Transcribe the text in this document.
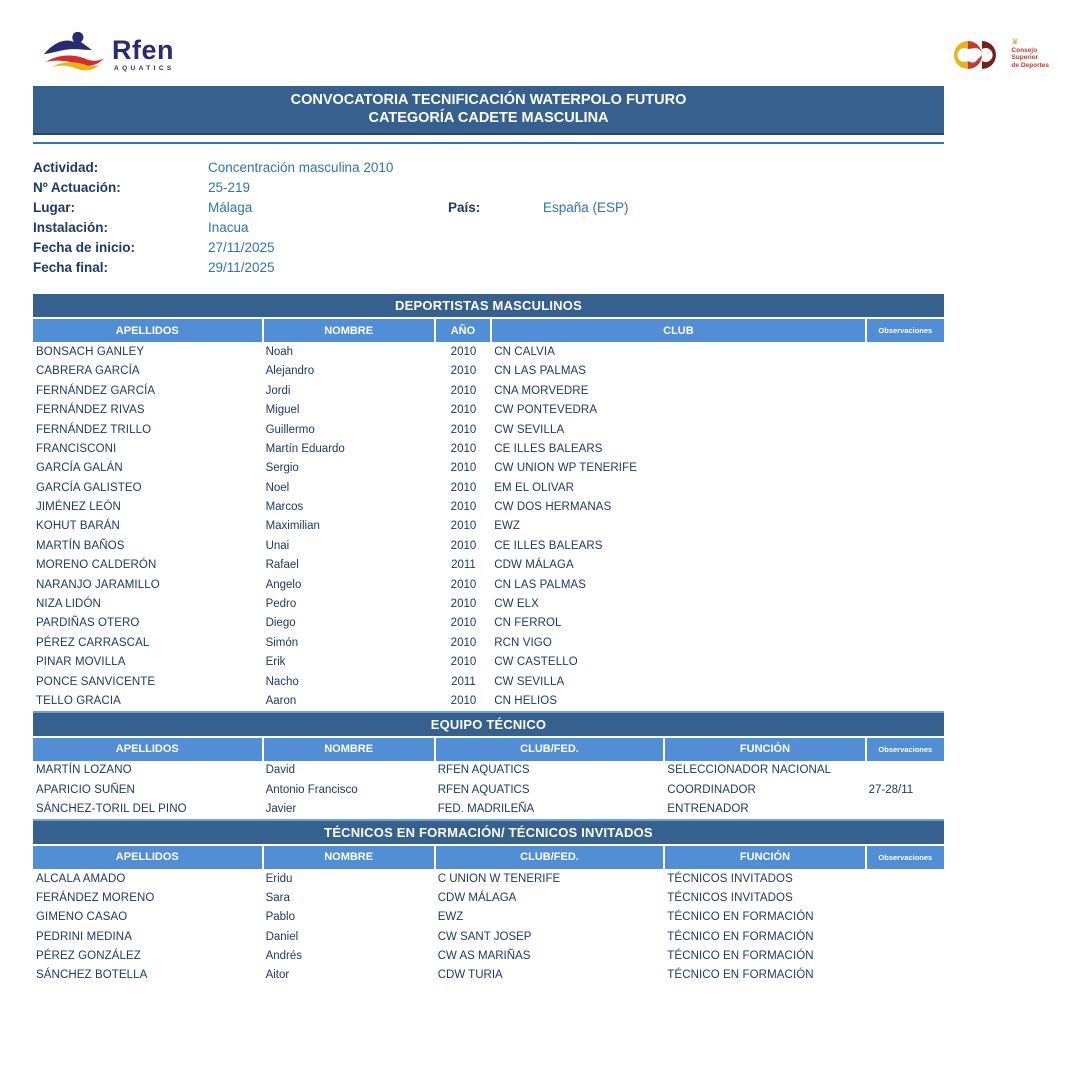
Rfen
AQUATICS
♛
Consejo
Superior
de Deportes
CONVOCATORIA TECNIFICACIÓN WATERPOLO FUTURO
CATEGORÍA CADETE MASCULINA
Actividad:	Concentración masculina 2010
Nº Actuación:	25-219
Lugar:	Málaga	País:	España (ESP)
Instalación:	Inacua
Fecha de inicio:	27/11/2025
Fecha final:	29/11/2025
DEPORTISTAS MASCULINOS
APELLIDOS	NOMBRE	AÑO	CLUB	Observaciones
BONSACH GANLEY	Noah	2010	CN CALVIA	
CABRERA GARCÍA	Alejandro	2010	CN LAS PALMAS	
FERNÁNDEZ GARCÍA	Jordi	2010	CNA MORVEDRE	
FERNÁNDEZ RIVAS	Miguel	2010	CW PONTEVEDRA	
FERNÁNDEZ TRILLO	Guillermo	2010	CW SEVILLA	
FRANCISCONI	Martín Eduardo	2010	CE ILLES BALEARS	
GARCÍA GALÁN	Sergio	2010	CW UNION WP TENERIFE	
GARCÍA GALISTEO	Noel	2010	EM EL OLIVAR	
JIMÉNEZ LEÓN	Marcos	2010	CW DOS HERMANAS	
KOHUT BARÁN	Maximilian	2010	EWZ	
MARTÍN BAÑOS	Unai	2010	CE ILLES BALEARS	
MORENO CALDERÓN	Rafael	2011	CDW MÁLAGA	
NARANJO JARAMILLO	Angelo	2010	CN LAS PALMAS	
NIZA LIDÓN	Pedro	2010	CW ELX	
PARDIÑAS OTERO	Diego	2010	CN FERROL	
PÉREZ CARRASCAL	Simón	2010	RCN VIGO	
PINAR MOVILLA	Erik	2010	CW CASTELLO	
PONCE SANVICENTE	Nacho	2011	CW SEVILLA	
TELLO GRACIA	Aaron	2010	CN HELIOS	
EQUIPO TÉCNICO
APELLIDOS	NOMBRE	CLUB/FED.	FUNCIÓN	Observaciones
MARTÍN LOZANO	David	RFEN AQUATICS	SELECCIONADOR NACIONAL	
APARICIO SUÑEN	Antonio Francisco	RFEN AQUATICS	COORDINADOR	27-28/11
SÁNCHEZ-TORIL DEL PINO	Javier	FED. MADRILEÑA	ENTRENADOR	
TÉCNICOS EN FORMACIÓN/ TÉCNICOS INVITADOS
APELLIDOS	NOMBRE	CLUB/FED.	FUNCIÓN	Observaciones
ALCALA AMADO	Eridu	C UNION W TENERIFE	TÉCNICOS INVITADOS	
FERÁNDEZ MORENO	Sara	CDW MÁLAGA	TÉCNICOS INVITADOS	
GIMENO CASAO	Pablo	EWZ	TÉCNICO EN FORMACIÓN	
PEDRINI MEDINA	Daniel	CW SANT JOSEP	TÉCNICO EN FORMACIÓN	
PÉREZ GONZÁLEZ	Andrés	CW AS MARIÑAS	TÉCNICO EN FORMACIÓN	
SÁNCHEZ BOTELLA	Aitor	CDW TURIA	TÉCNICO EN FORMACIÓN	
